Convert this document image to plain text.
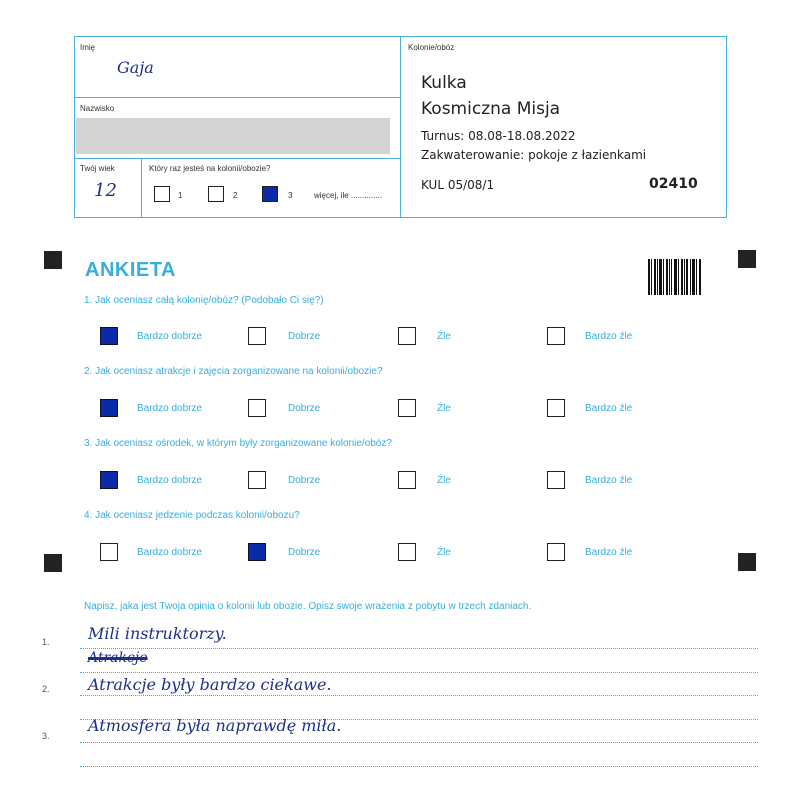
Imię
Gaja
Nazwisko
Twój wiek
12
Który raz jesteś na kolonii/obozie?
1	2	3	więcej, ile ..............
Kolonie/obóz
Kulka
Kosmiczna Misja
Turnus: 08.08-18.08.2022
Zakwaterowanie: pokoje z łazienkami
KUL 05/08/1	02410
ANKIETA
1. Jak oceniasz całą kolonię/obóz? (Podobało Ci się?)
2. Jak oceniasz atrakcje i zajęcia zorganizowane na kolonii/obozie?
3. Jak oceniasz ośrodek, w którym były zorganizowane kolonie/obóz?
4. Jak oceniasz jedzenie podczas kolonii/obozu?
Bardzo dobrze	Dobrze	Źle	Bardzo źle
Bardzo dobrze	Dobrze	Źle	Bardzo źle
Bardzo dobrze	Dobrze	Źle	Bardzo źle
Bardzo dobrze	Dobrze	Źle	Bardzo źle
Napisz, jaka jest Twoja opinia o kolonii lub obozie. Opisz swoje wrażenia z pobytu w trzech zdaniach.
1.
2.
3.
Mili instruktorzy.
Atrakcje
Atrakcje były bardzo ciekawe.
Atmosfera była naprawdę miła.
